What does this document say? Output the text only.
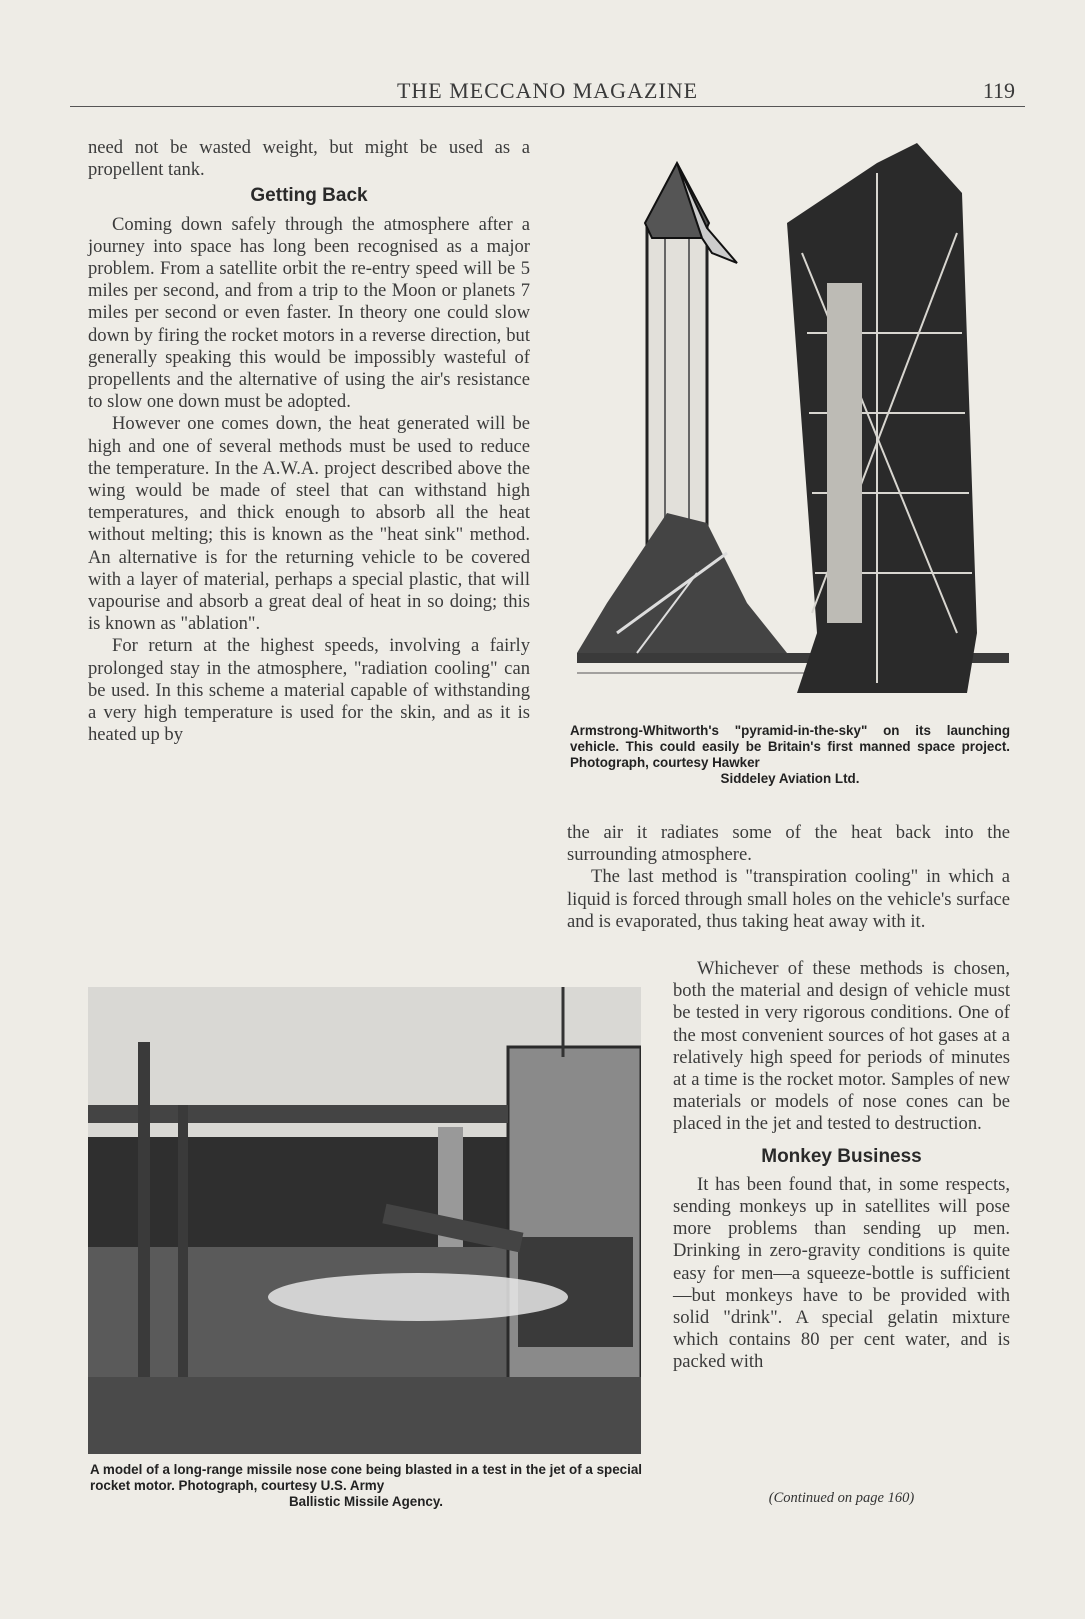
THE MECCANO MAGAZINE	119

need not be wasted weight, but might be used as a propellent tank.

Getting Back

Coming down safely through the atmosphere after a journey into space has long been recognised as a major problem. From a satellite orbit the re-entry speed will be 5 miles per second, and from a trip to the Moon or planets 7 miles per second or even faster. In theory one could slow down by firing the rocket motors in a reverse direction, but generally speaking this would be impossibly wasteful of propellents and the alternative of using the air's resistance to slow one down must be adopted.

However one comes down, the heat generated will be high and one of several methods must be used to reduce the temperature. In the A.W.A. project described above the wing would be made of steel that can withstand high temperatures, and thick enough to absorb all the heat without melting; this is known as the "heat sink" method. An alternative is for the returning vehicle to be covered with a layer of material, perhaps a special plastic, that will vapourise and absorb a great deal of heat in so doing; this is known as "ablation".

For return at the highest speeds, involving a fairly prolonged stay in the atmosphere, "radiation cooling" can be used. In this scheme a material capable of withstanding a very high temperature is used for the skin, and as it is heated up by	Armstrong-Whitworth's "pyramid-in-the-sky" on its launching vehicle. This could easily be Britain's first manned space project. Photograph, courtesy Hawker
Siddeley Aviation Ltd.

the air it radiates some of the heat back into the surrounding atmosphere.

The last method is "transpiration cooling" in which a liquid is forced through small holes on the vehicle's surface and is evaporated, thus taking heat away with it.

A model of a long-range missile nose cone being blasted in a test in the jet of a special rocket motor. Photograph, courtesy U.S. Army
Ballistic Missile Agency.

Whichever of these methods is chosen, both the material and design of vehicle must be tested in very rigorous conditions. One of the most convenient sources of hot gases at a relatively high speed for periods of minutes at a time is the rocket motor. Samples of new materials or models of nose cones can be placed in the jet and tested to destruction.

Monkey Business

It has been found that, in some respects, sending monkeys up in satellites will pose more problems than sending up men. Drinking in zero-gravity conditions is quite easy for men—a squeeze-bottle is sufficient—but monkeys have to be provided with solid "drink". A special gelatin mixture which contains 80 per cent water, and is packed with

(Continued on page 160)
